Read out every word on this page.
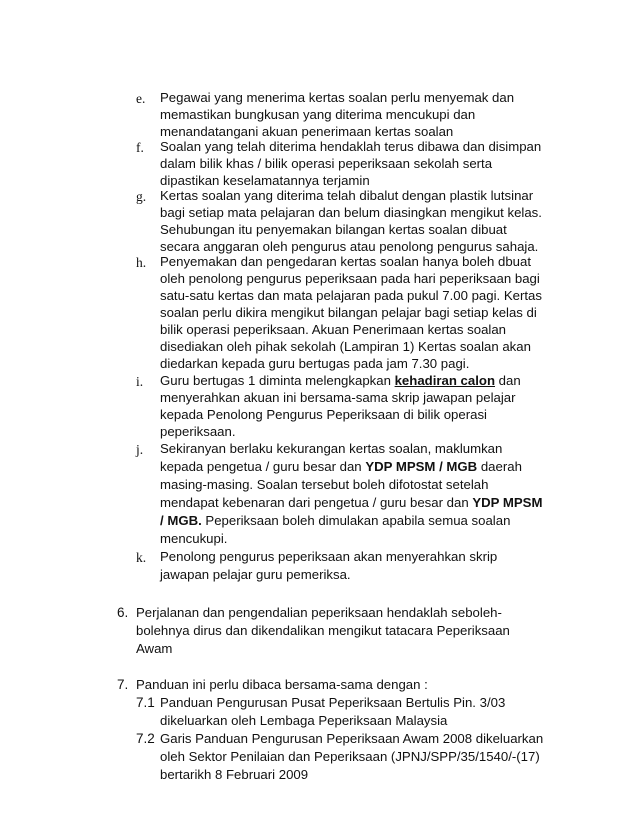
e. Pegawai yang menerima kertas soalan perlu menyemak dan
memastikan bungkusan yang diterima mencukupi dan
menandatangani akuan penerimaan kertas soalan
f. Soalan yang telah diterima hendaklah terus dibawa dan disimpan
dalam bilik khas / bilik operasi peperiksaan sekolah serta
dipastikan keselamatannya terjamin
g. Kertas soalan yang diterima telah dibalut dengan plastik lutsinar
bagi setiap mata pelajaran dan belum diasingkan mengikut kelas.
Sehubungan itu penyemakan bilangan kertas soalan dibuat
secara anggaran oleh pengurus atau penolong pengurus sahaja.
h. Penyemakan dan pengedaran kertas soalan hanya boleh dbuat
oleh penolong pengurus peperiksaan pada hari peperiksaan bagi
satu-satu kertas dan mata pelajaran pada pukul 7.00 pagi. Kertas
soalan perlu dikira mengikut bilangan pelajar bagi setiap kelas di
bilik operasi peperiksaan. Akuan Penerimaan kertas soalan
disediakan oleh pihak sekolah (Lampiran 1) Kertas soalan akan
diedarkan kepada guru bertugas pada jam 7.30 pagi.
i. Guru bertugas 1 diminta melengkapkan kehadiran calon dan
menyerahkan akuan ini bersama-sama skrip jawapan pelajar
kepada Penolong Pengurus Peperiksaan di bilik operasi
peperiksaan.
j. Sekiranyan berlaku kekurangan kertas soalan, maklumkan
kepada pengetua / guru besar dan YDP MPSM / MGB daerah
masing-masing. Soalan tersebut boleh difotostat setelah
mendapat kebenaran dari pengetua / guru besar dan YDP MPSM
/ MGB. Peperiksaan boleh dimulakan apabila semua soalan
mencukupi.
k. Penolong pengurus peperiksaan akan menyerahkan skrip
jawapan pelajar guru pemeriksa.
6. Perjalanan dan pengendalian peperiksaan hendaklah seboleh-
bolehnya dirus dan dikendalikan mengikut tatacara Peperiksaan
Awam
7. Panduan ini perlu dibaca bersama-sama dengan :
7.1 Panduan Pengurusan Pusat Peperiksaan Bertulis Pin. 3/03
dikeluarkan oleh Lembaga Peperiksaan Malaysia
7.2 Garis Panduan Pengurusan Peperiksaan Awam 2008 dikeluarkan
oleh Sektor Penilaian dan Peperiksaan (JPNJ/SPP/35/1540/-(17)
bertarikh 8 Februari 2009
